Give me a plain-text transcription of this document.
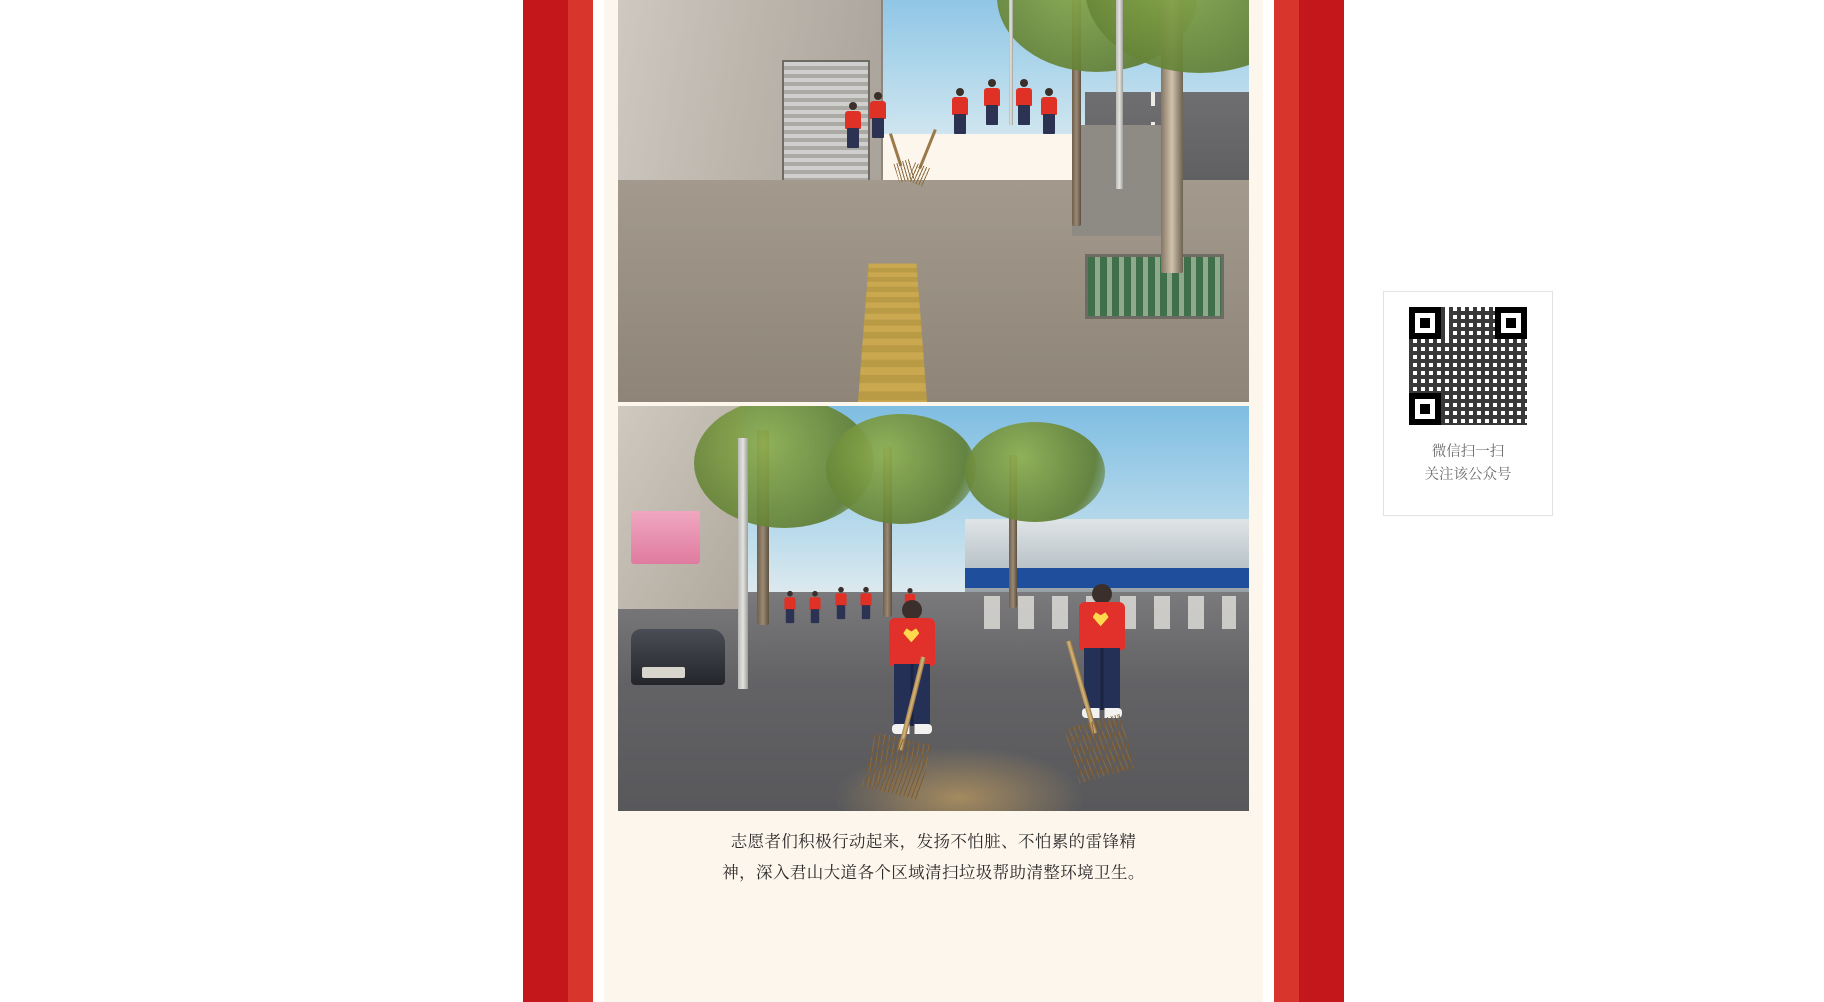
志愿者们积极行动起来，发扬不怕脏、不怕累的雷锋精
神，深入君山大道各个区域清扫垃圾帮助清整环境卫生。
微信扫一扫
关注该公众号
